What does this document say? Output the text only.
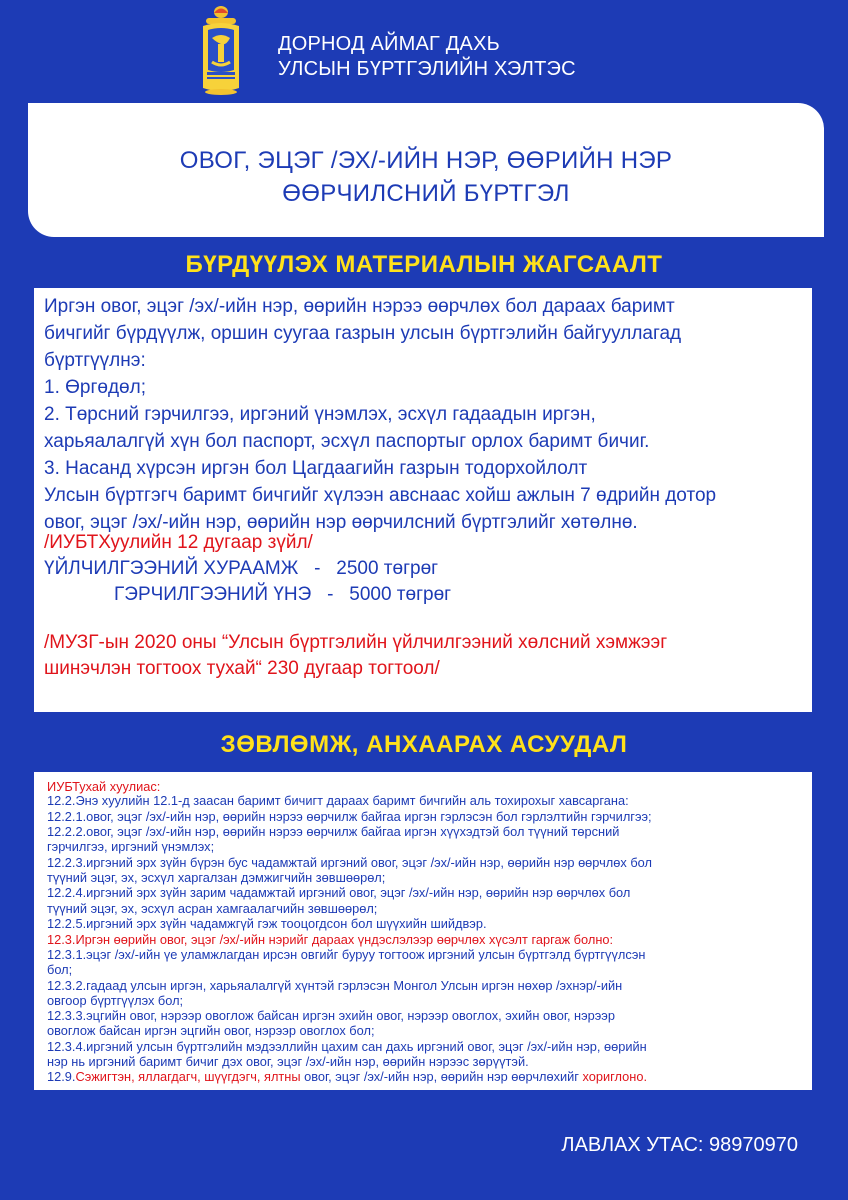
ДОРНОД АЙМАГ ДАХЬ
УЛСЫН БҮРТГЭЛИЙН ХЭЛТЭС
ОВОГ, ЭЦЭГ /ЭХ/-ИЙН НЭР, ӨӨРИЙН НЭР
ӨӨРЧИЛСНИЙ БҮРТГЭЛ
БҮРДҮҮЛЭХ МАТЕРИАЛЫН ЖАГСААЛТ
Иргэн овог, эцэг /эх/-ийн нэр, өөрийн нэрээ өөрчлөх бол дараах баримт
бичгийг бүрдүүлж, оршин суугаа газрын улсын бүртгэлийн байгууллагад
бүртгүүлнэ:
1. Өргөдөл;
2. Төрсний гэрчилгээ, иргэний үнэмлэх, эсхүл гадаадын иргэн,
харьяалалгүй хүн бол паспорт, эсхүл паспортыг орлох баримт бичиг.
3. Насанд хүрсэн иргэн бол Цагдаагийн газрын тодорхойлолт
Улсын бүртгэгч баримт бичгийг хүлээн авснаас хойш ажлын 7 өдрийн дотор
овог, эцэг /эх/-ийн нэр, өөрийн нэр өөрчилсний бүртгэлийг хөтөлнө.
/ИУБТХуулийн 12 дугаар зүйл/
ҮЙЛЧИЛГЭЭНИЙ ХУРААМЖ   -   2500 төгрөг
ГЭРЧИЛГЭЭНИЙ ҮНЭ   -   5000 төгрөг
/МУЗГ-ын 2020 оны “Улсын бүртгэлийн үйлчилгээний хөлсний хэмжээг
шинэчлэн тогтоох тухай“ 230 дугаар тогтоол/
ЗӨВЛӨМЖ, АНХААРАХ АСУУДАЛ
ИУБТухай хуулиас:
12.2.Энэ хуулийн 12.1-д заасан баримт бичигт дараах баримт бичгийн аль тохирохыг хавсаргана:
12.2.1.овог, эцэг /эх/-ийн нэр, өөрийн нэрээ өөрчилж байгаа иргэн гэрлэсэн бол гэрлэлтийн гэрчилгээ;
12.2.2.овог, эцэг /эх/-ийн нэр, өөрийн нэрээ өөрчилж байгаа иргэн хүүхэдтэй бол түүний төрсний
гэрчилгээ, иргэний үнэмлэх;
12.2.3.иргэний эрх зүйн бүрэн бус чадамжтай иргэний овог, эцэг /эх/-ийн нэр, өөрийн нэр өөрчлөх бол
түүний эцэг, эх, эсхүл харгалзан дэмжигчийн зөвшөөрөл;
12.2.4.иргэний эрх зүйн зарим чадамжтай иргэний овог, эцэг /эх/-ийн нэр, өөрийн нэр өөрчлөх бол
түүний эцэг, эх, эсхүл асран хамгаалагчийн зөвшөөрөл;
12.2.5.иргэний эрх зүйн чадамжгүй гэж тооцогдсон бол шүүхийн шийдвэр.
12.3.Иргэн өөрийн овог, эцэг /эх/-ийн нэрийг дараах үндэслэлээр өөрчлөх хүсэлт гаргаж болно:
12.3.1.эцэг /эх/-ийн үе уламжлагдан ирсэн овгийг буруу тогтоож иргэний улсын бүртгэлд бүртгүүлсэн
бол;
12.3.2.гадаад улсын иргэн, харьяалалгүй хүнтэй гэрлэсэн Монгол Улсын иргэн нөхөр /эхнэр/-ийн
овгоор бүртгүүлэх бол;
12.3.3.эцгийн овог, нэрээр овоглож байсан иргэн эхийн овог, нэрээр овоглох, эхийн овог, нэрээр
овоглож байсан иргэн эцгийн овог, нэрээр овоглох бол;
12.3.4.иргэний улсын бүртгэлийн мэдээллийн цахим сан дахь иргэний овог, эцэг /эх/-ийн нэр, өөрийн
нэр нь иргэний баримт бичиг дэх овог, эцэг /эх/-ийн нэр, өөрийн нэрээс зөрүүтэй.
12.9.Сэжигтэн, яллагдагч, шүүгдэгч, ялтны овог, эцэг /эх/-ийн нэр, өөрийн нэр өөрчлөхийг хориглоно.
ЛАВЛАХ УТАС: 98970970
